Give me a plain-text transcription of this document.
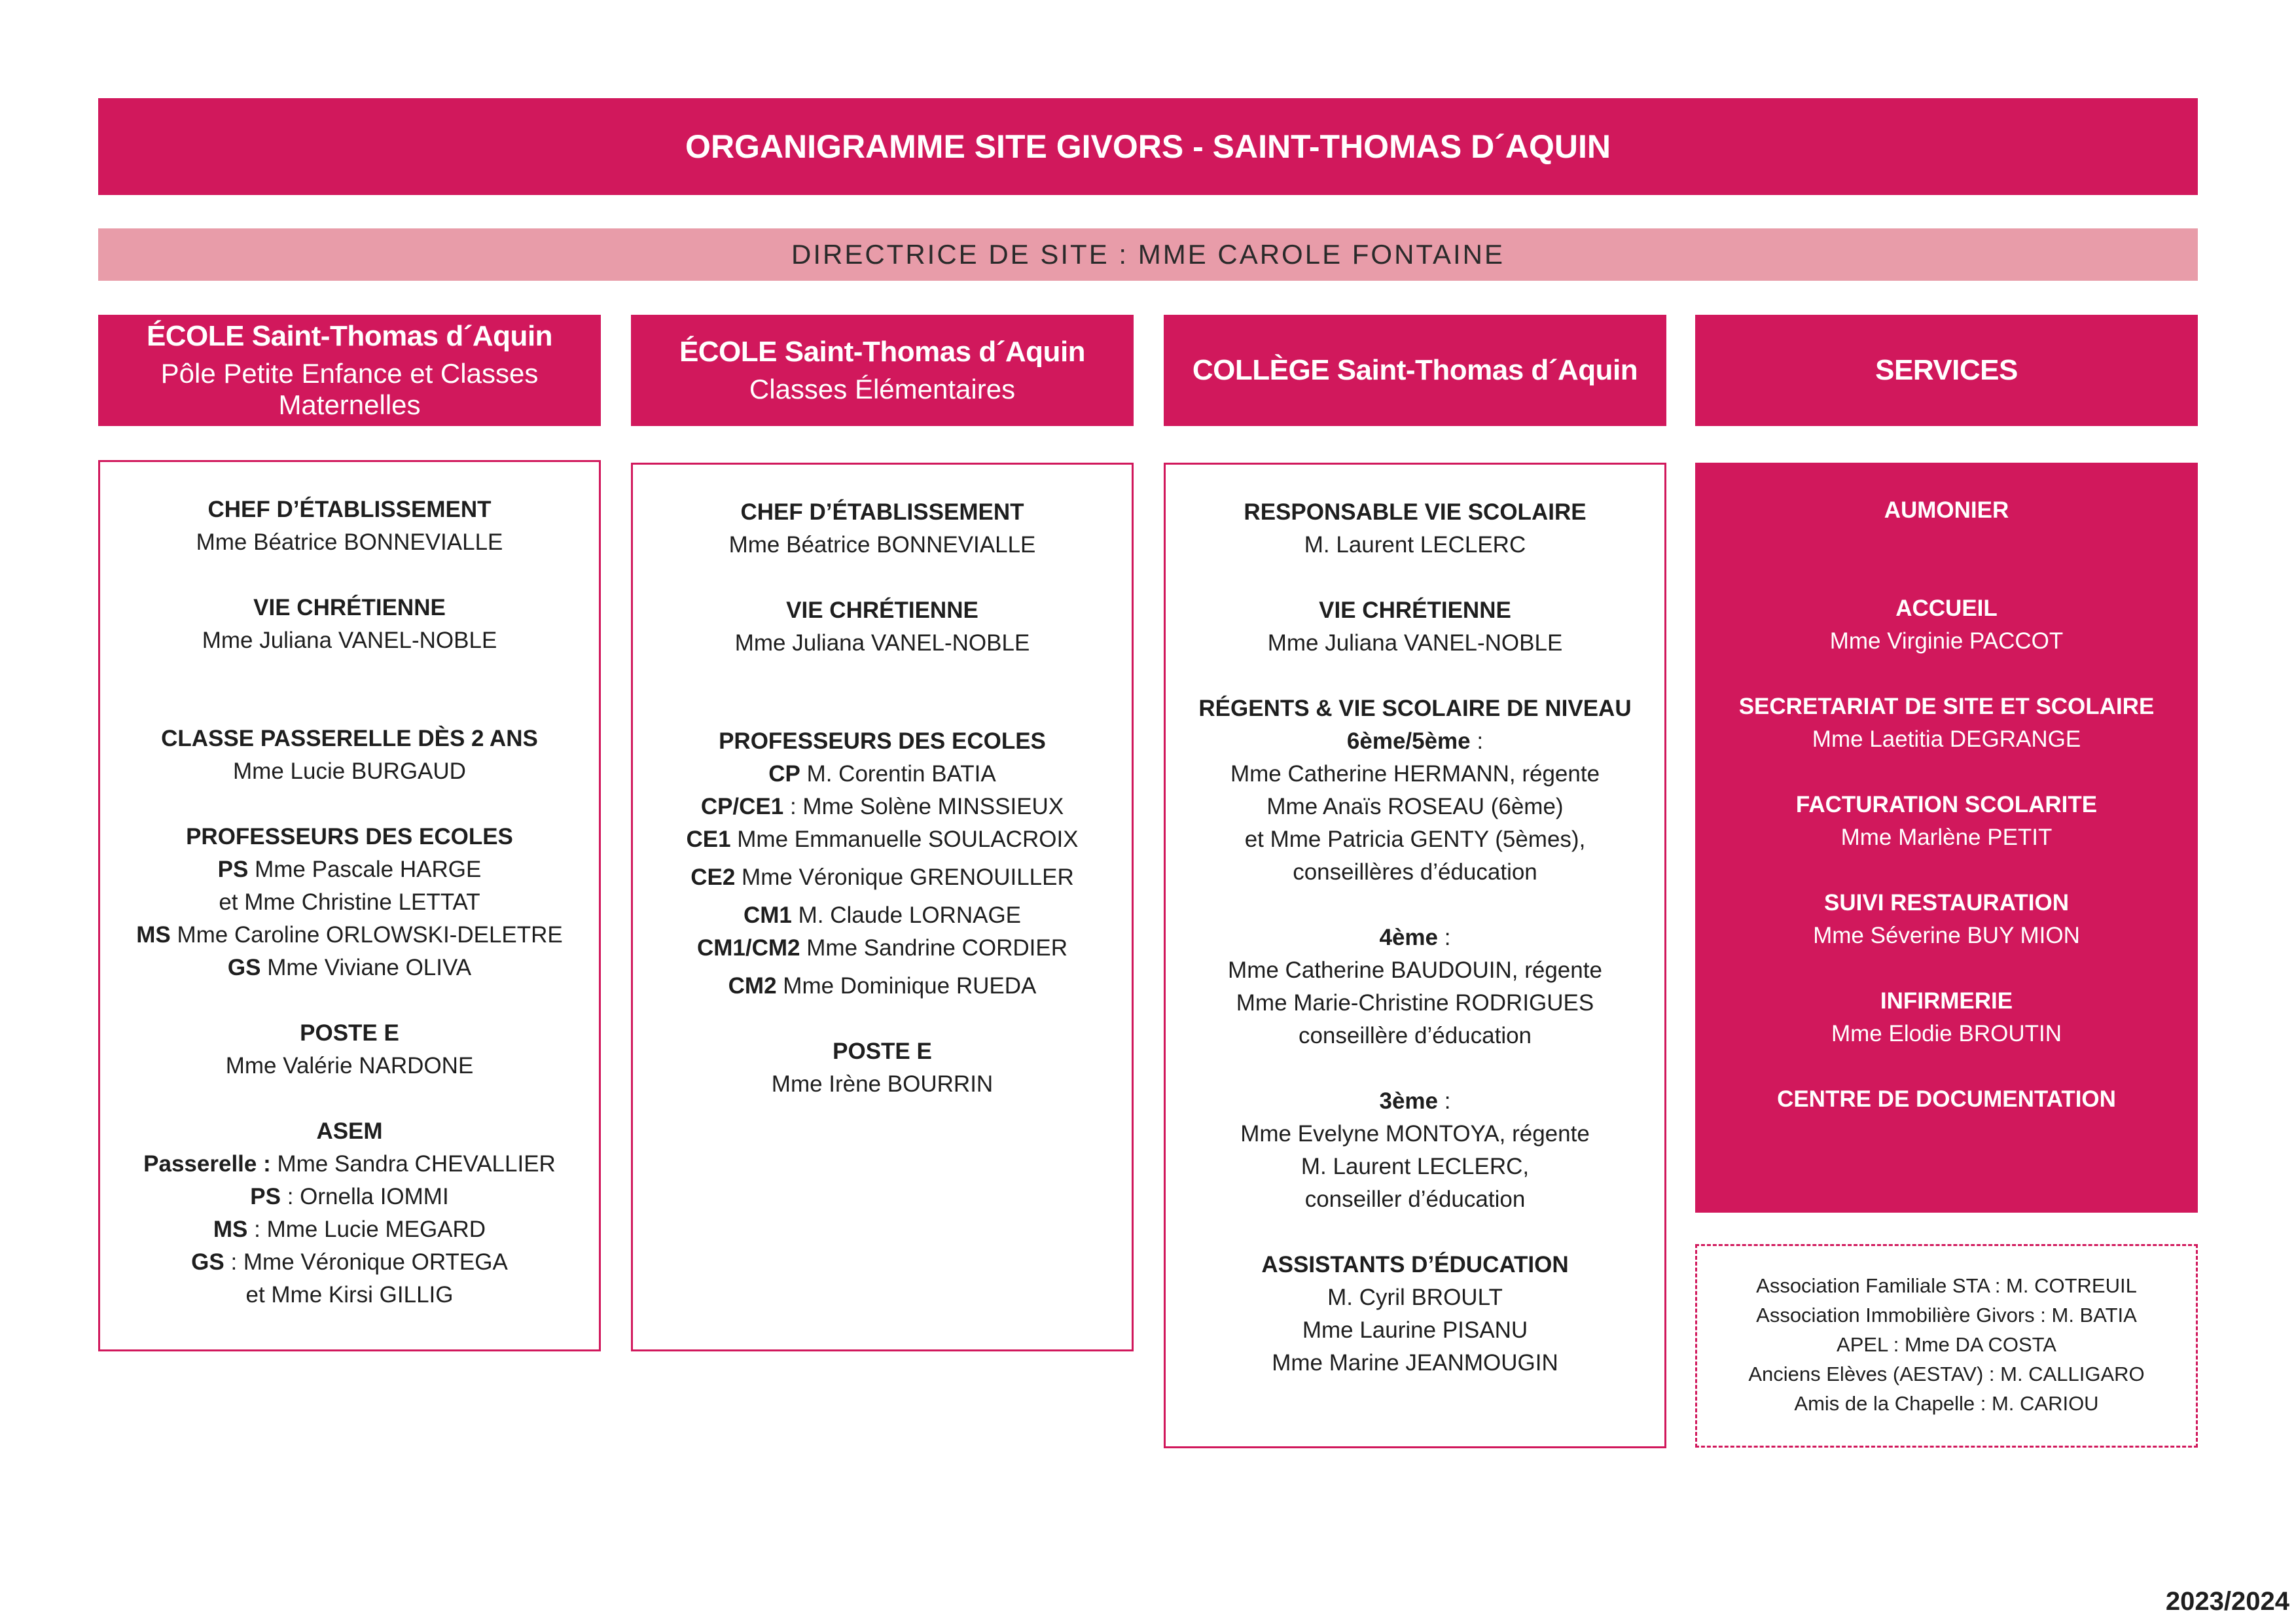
ORGANIGRAMME SITE GIVORS - SAINT-THOMAS D´AQUIN
DIRECTRICE DE SITE : MME CAROLE FONTAINE
ÉCOLE Saint-Thomas d´Aquin
Pôle Petite Enfance et Classes Maternelles
ÉCOLE Saint-Thomas d´Aquin
Classes Élémentaires
COLLÈGE Saint-Thomas d´Aquin	SERVICES
CHEF D’ÉTABLISSEMENT
Mme Béatrice BONNEVIALLE
VIE CHRÉTIENNE
Mme Juliana VANEL-NOBLE
CLASSE PASSERELLE DÈS 2 ANS
Mme Lucie BURGAUD
PROFESSEURS DES ECOLES
PS Mme Pascale HARGE
et Mme Christine LETTAT
MS Mme Caroline ORLOWSKI-DELETRE
GS Mme Viviane OLIVA
POSTE E
Mme Valérie NARDONE
ASEM
Passerelle : Mme Sandra CHEVALLIER
PS : Ornella IOMMI
MS : Mme Lucie MEGARD
GS : Mme Véronique ORTEGA
et Mme Kirsi GILLIG
CHEF D’ÉTABLISSEMENT
Mme Béatrice BONNEVIALLE
VIE CHRÉTIENNE
Mme Juliana VANEL-NOBLE
PROFESSEURS DES ECOLES
CP M. Corentin BATIA
CP/CE1 : Mme Solène MINSSIEUX
CE1 Mme Emmanuelle SOULACROIX
CE2 Mme Véronique GRENOUILLER
CM1 M. Claude LORNAGE
CM1/CM2 Mme Sandrine CORDIER
CM2 Mme Dominique RUEDA
POSTE E
Mme Irène BOURRIN
RESPONSABLE VIE SCOLAIRE
M. Laurent LECLERC
VIE CHRÉTIENNE
Mme Juliana VANEL-NOBLE
RÉGENTS & VIE SCOLAIRE DE NIVEAU
6ème/5ème :
Mme Catherine HERMANN, régente
Mme Anaïs ROSEAU (6ème)
et Mme Patricia GENTY (5èmes),
conseillères d’éducation
4ème :
Mme Catherine BAUDOUIN, régente
Mme Marie-Christine RODRIGUES
conseillère d’éducation
3ème :
Mme Evelyne MONTOYA, régente
M. Laurent LECLERC,
conseiller d’éducation
ASSISTANTS D’ÉDUCATION
M. Cyril BROULT
Mme Laurine PISANU
Mme Marine JEANMOUGIN
AUMONIER
ACCUEIL
Mme Virginie PACCOT
SECRETARIAT DE SITE ET SCOLAIRE
Mme Laetitia DEGRANGE
FACTURATION SCOLARITE
Mme Marlène PETIT
SUIVI RESTAURATION
Mme Séverine BUY MION
INFIRMERIE
Mme Elodie BROUTIN
CENTRE DE DOCUMENTATION
Association Familiale STA : M. COTREUIL
Association Immobilière Givors : M. BATIA
APEL : Mme DA COSTA
Anciens Elèves (AESTAV) : M. CALLIGARO
Amis de la Chapelle : M. CARIOU
2023/2024
